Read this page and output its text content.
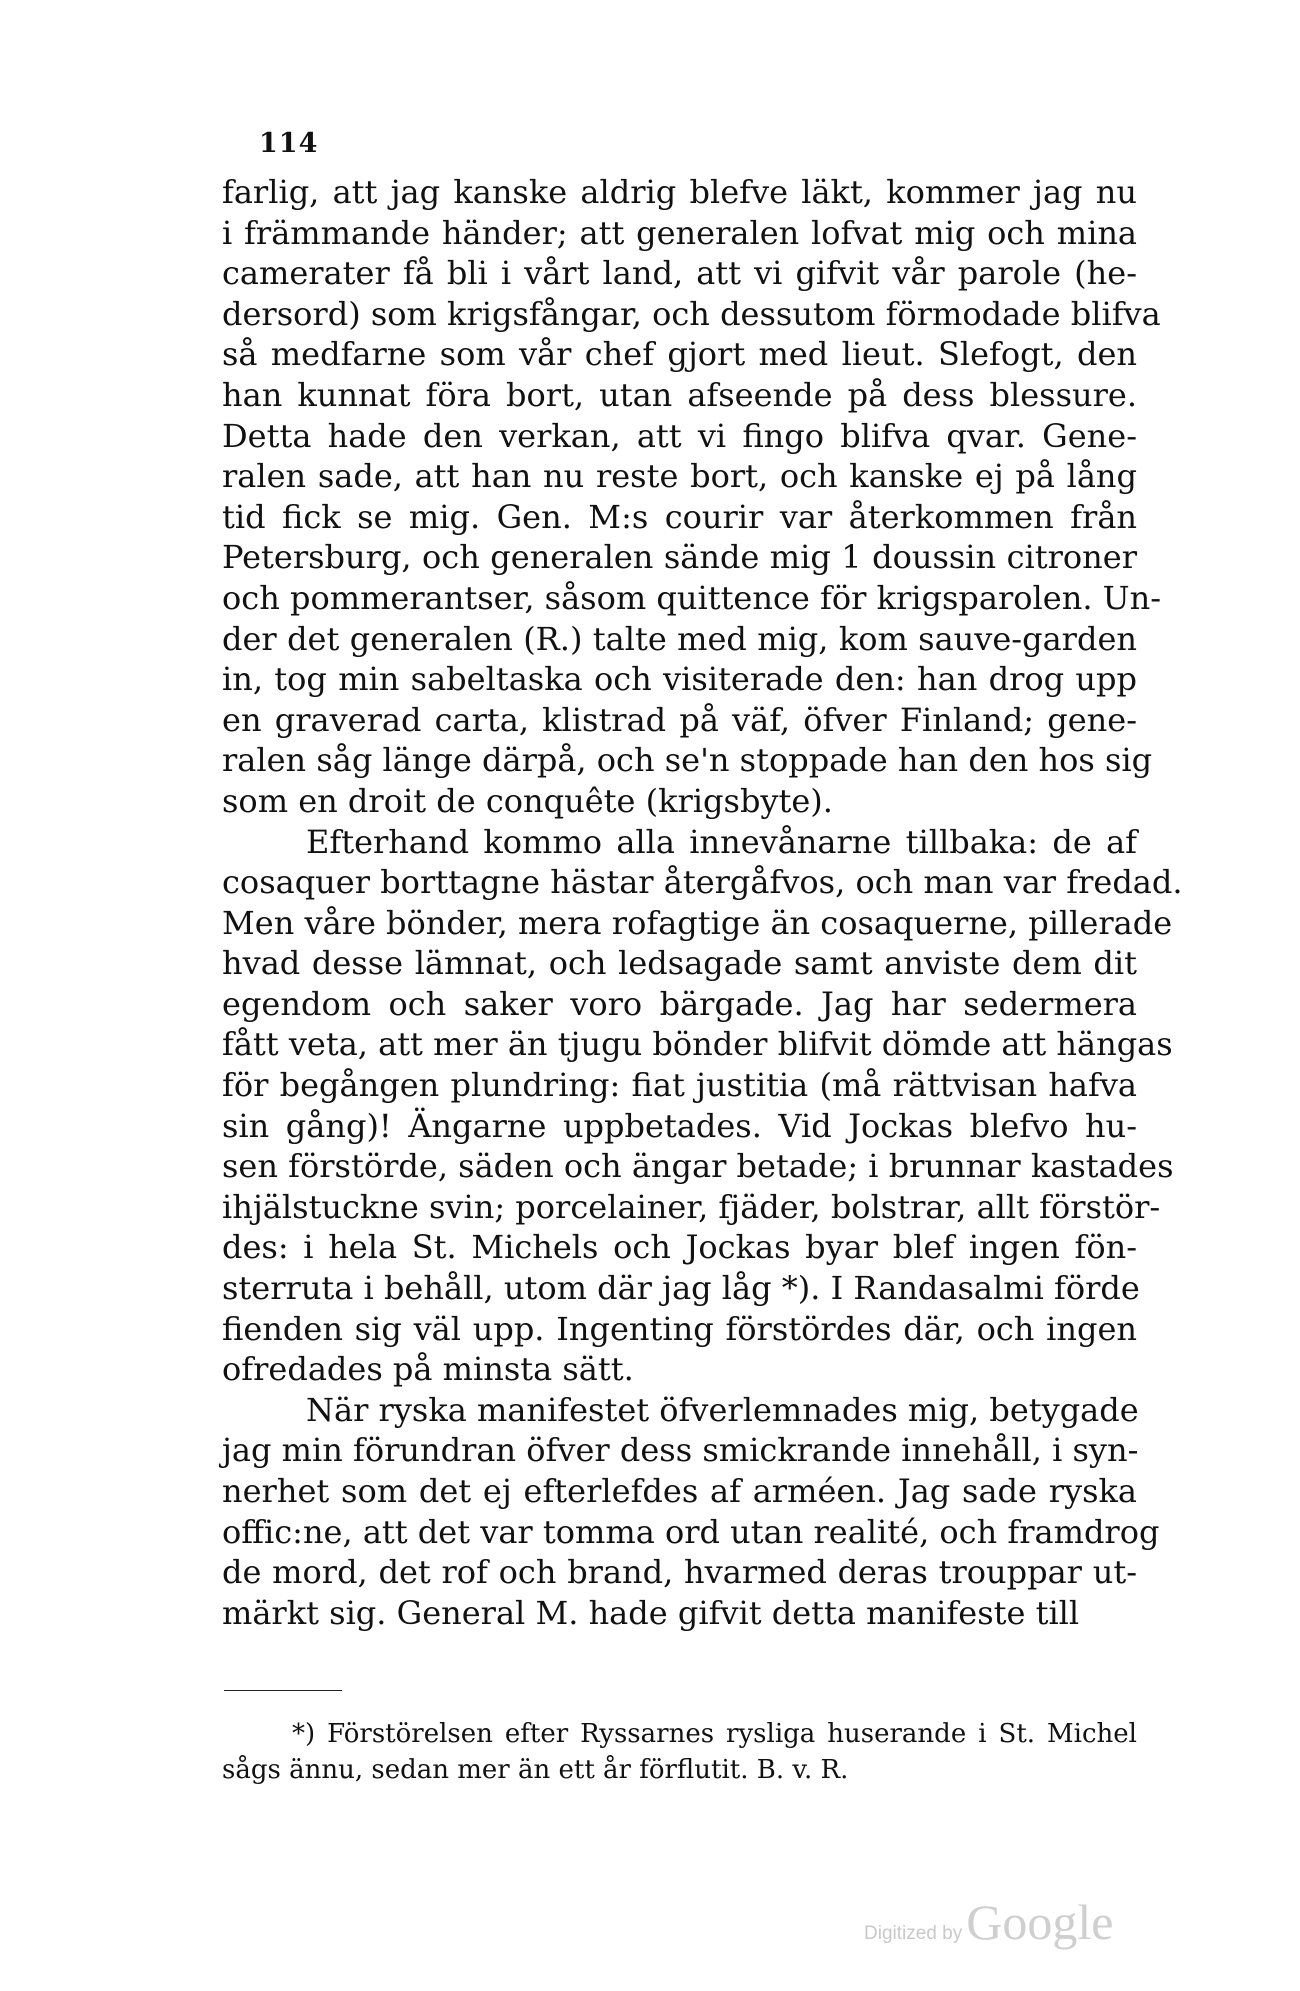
114
farlig, att jag kanske aldrig blefve läkt, kommer jag nu
i främmande händer; att generalen lofvat mig och mina
camerater få bli i vårt land, att vi gifvit vår parole (he-
dersord) som krigsfångar, och dessutom förmodade blifva
så medfarne som vår chef gjort med lieut. Slefogt, den
han kunnat föra bort, utan afseende på dess blessure.
Detta hade den verkan, att vi fingo blifva qvar. Gene-
ralen sade, att han nu reste bort, och kanske ej på lång
tid fick se mig. Gen. M:s courir var återkommen från
Petersburg, och generalen sände mig 1 doussin citroner
och pommerantser, såsom quittence för krigsparolen. Un-
der det generalen (R.) talte med mig, kom sauve-garden
in, tog min sabeltaska och visiterade den: han drog upp
en graverad carta, klistrad på väf, öfver Finland; gene-
ralen såg länge därpå, och se'n stoppade han den hos sig
som en droit de conquête (krigsbyte).
Efterhand kommo alla innevånarne tillbaka: de af
cosaquer borttagne hästar återgåfvos, och man var fredad.
Men våre bönder, mera rofagtige än cosaquerne, pillerade
hvad desse lämnat, och ledsagade samt anviste dem dit
egendom och saker voro bärgade. Jag har sedermera
fått veta, att mer än tjugu bönder blifvit dömde att hängas
för begången plundring: fiat justitia (må rättvisan hafva
sin gång)! Ängarne uppbetades. Vid Jockas blefvo hu-
sen förstörde, säden och ängar betade; i brunnar kastades
ihjälstuckne svin; porcelainer, fjäder, bolstrar, allt förstör-
des: i hela St. Michels och Jockas byar blef ingen fön-
sterruta i behåll, utom där jag låg *). I Randasalmi förde
fienden sig väl upp. Ingenting förstördes där, och ingen
ofredades på minsta sätt.
När ryska manifestet öfverlemnades mig, betygade
jag min förundran öfver dess smickrande innehåll, i syn-
nerhet som det ej efterlefdes af arméen. Jag sade ryska
offic:ne, att det var tomma ord utan realité, och framdrog
de mord, det rof och brand, hvarmed deras trouppar ut-
märkt sig. General M. hade gifvit detta manifeste till
*) Förstörelsen efter Ryssarnes rysliga huserande i St. Michel
sågs ännu, sedan mer än ett år förflutit. B. v. R.
Digitized by Google
